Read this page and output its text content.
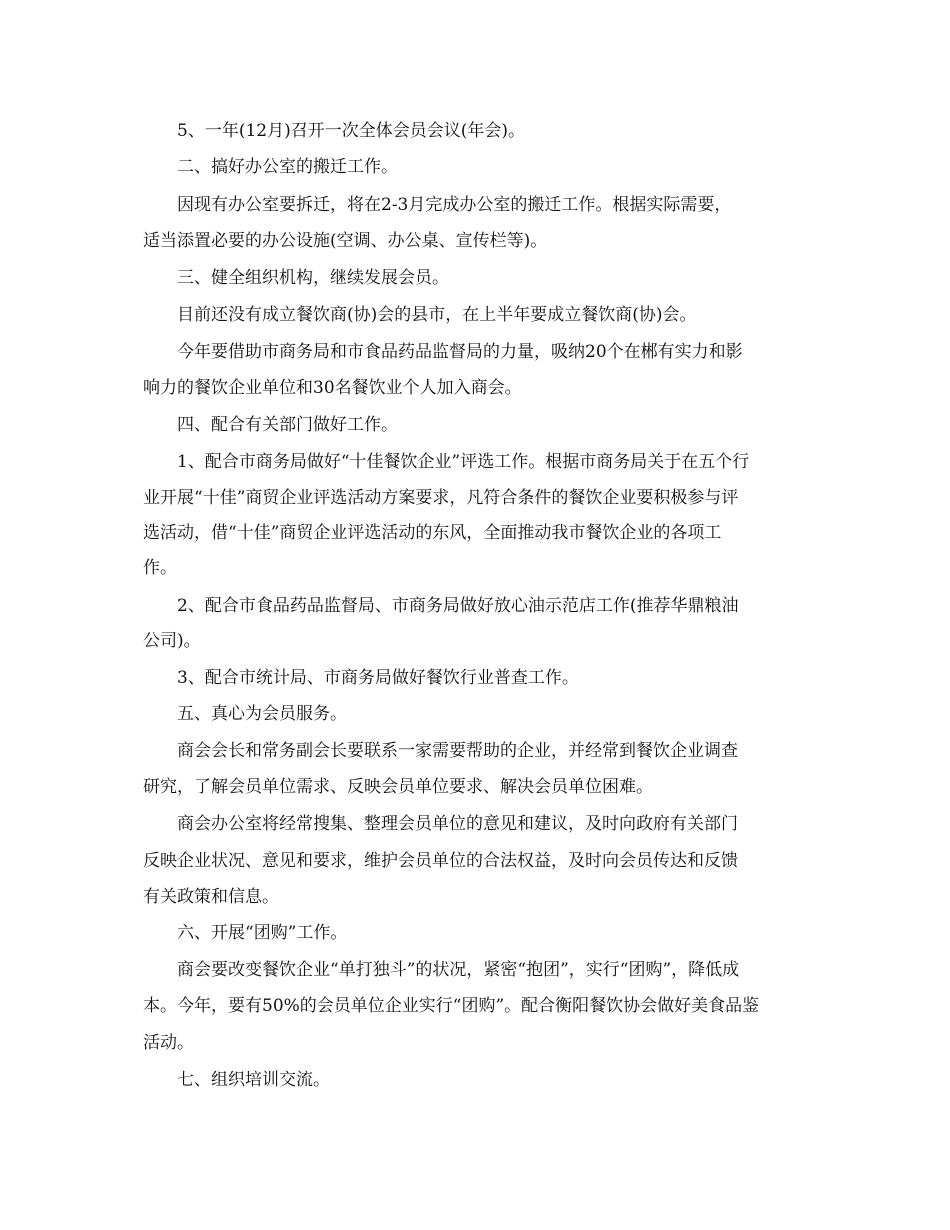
5、一年(12月)召开一次全体会员会议(年会)。

二、搞好办公室的搬迁工作。

因现有办公室要拆迁，将在2-3月完成办公室的搬迁工作。根据实际需要，

适当添置必要的办公设施(空调、办公桌、宣传栏等)。

三、健全组织机构，继续发展会员。

目前还没有成立餐饮商(协)会的县市，在上半年要成立餐饮商(协)会。

今年要借助市商务局和市食品药品监督局的力量，吸纳20个在郴有实力和影

响力的餐饮企业单位和30名餐饮业个人加入商会。

四、配合有关部门做好工作。

1、配合市商务局做好“十佳餐饮企业”评选工作。根据市商务局关于在五个行

业开展“十佳”商贸企业评选活动方案要求，凡符合条件的餐饮企业要积极参与评

选活动，借“十佳”商贸企业评选活动的东风，全面推动我市餐饮企业的各项工

作。

2、配合市食品药品监督局、市商务局做好放心油示范店工作(推荐华鼎粮油

公司)。

3、配合市统计局、市商务局做好餐饮行业普查工作。

五、真心为会员服务。

商会会长和常务副会长要联系一家需要帮助的企业，并经常到餐饮企业调查

研究，了解会员单位需求、反映会员单位要求、解决会员单位困难。

商会办公室将经常搜集、整理会员单位的意见和建议，及时向政府有关部门

反映企业状况、意见和要求，维护会员单位的合法权益，及时向会员传达和反馈

有关政策和信息。

六、开展“团购”工作。

商会要改变餐饮企业“单打独斗”的状况，紧密“抱团”，实行“团购”，降低成

本。今年，要有50%的会员单位企业实行“团购”。配合衡阳餐饮协会做好美食品鉴

活动。

七、组织培训交流。
